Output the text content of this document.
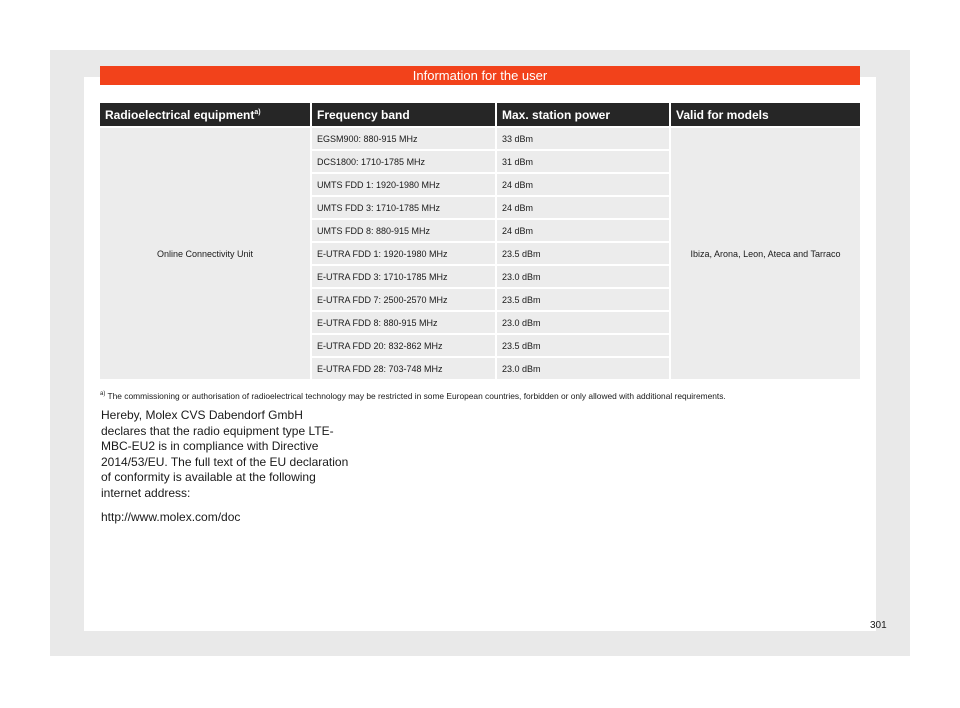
Information for the user
Radioelectrical equipment$^{a)}$	Frequency band	Max. station power	Valid for models
Online Connectivity Unit	EGSM900: 880-915 MHz	33 dBm	Ibiza, Arona, Leon, Ateca and Tarraco
	DCS1800: 1710-1785 MHz	31 dBm	
	UMTS FDD 1: 1920-1980 MHz	24 dBm	
	UMTS FDD 3: 1710-1785 MHz	24 dBm	
	UMTS FDD 8: 880-915 MHz	24 dBm	
	E-UTRA FDD 1: 1920-1980 MHz	23.5 dBm	
	E-UTRA FDD 3: 1710-1785 MHz	23.0 dBm	
	E-UTRA FDD 7: 2500-2570 MHz	23.5 dBm	
	E-UTRA FDD 8: 880-915 MHz	23.0 dBm	
	E-UTRA FDD 20: 832-862 MHz	23.5 dBm	
	E-UTRA FDD 28: 703-748 MHz	23.0 dBm	
$^{a)}$ The commissioning or authorisation of radioelectrical technology may be restricted in some European countries, forbidden or only allowed with additional requirements.

Hereby, Molex CVS Dabendorf GmbH declares that the radio equipment type LTE-MBC-EU2 is in compliance with Directive 2014/53/EU. The full text of the EU declaration of conformity is available at the following internet address:

http://www.molex.com/doc

301
